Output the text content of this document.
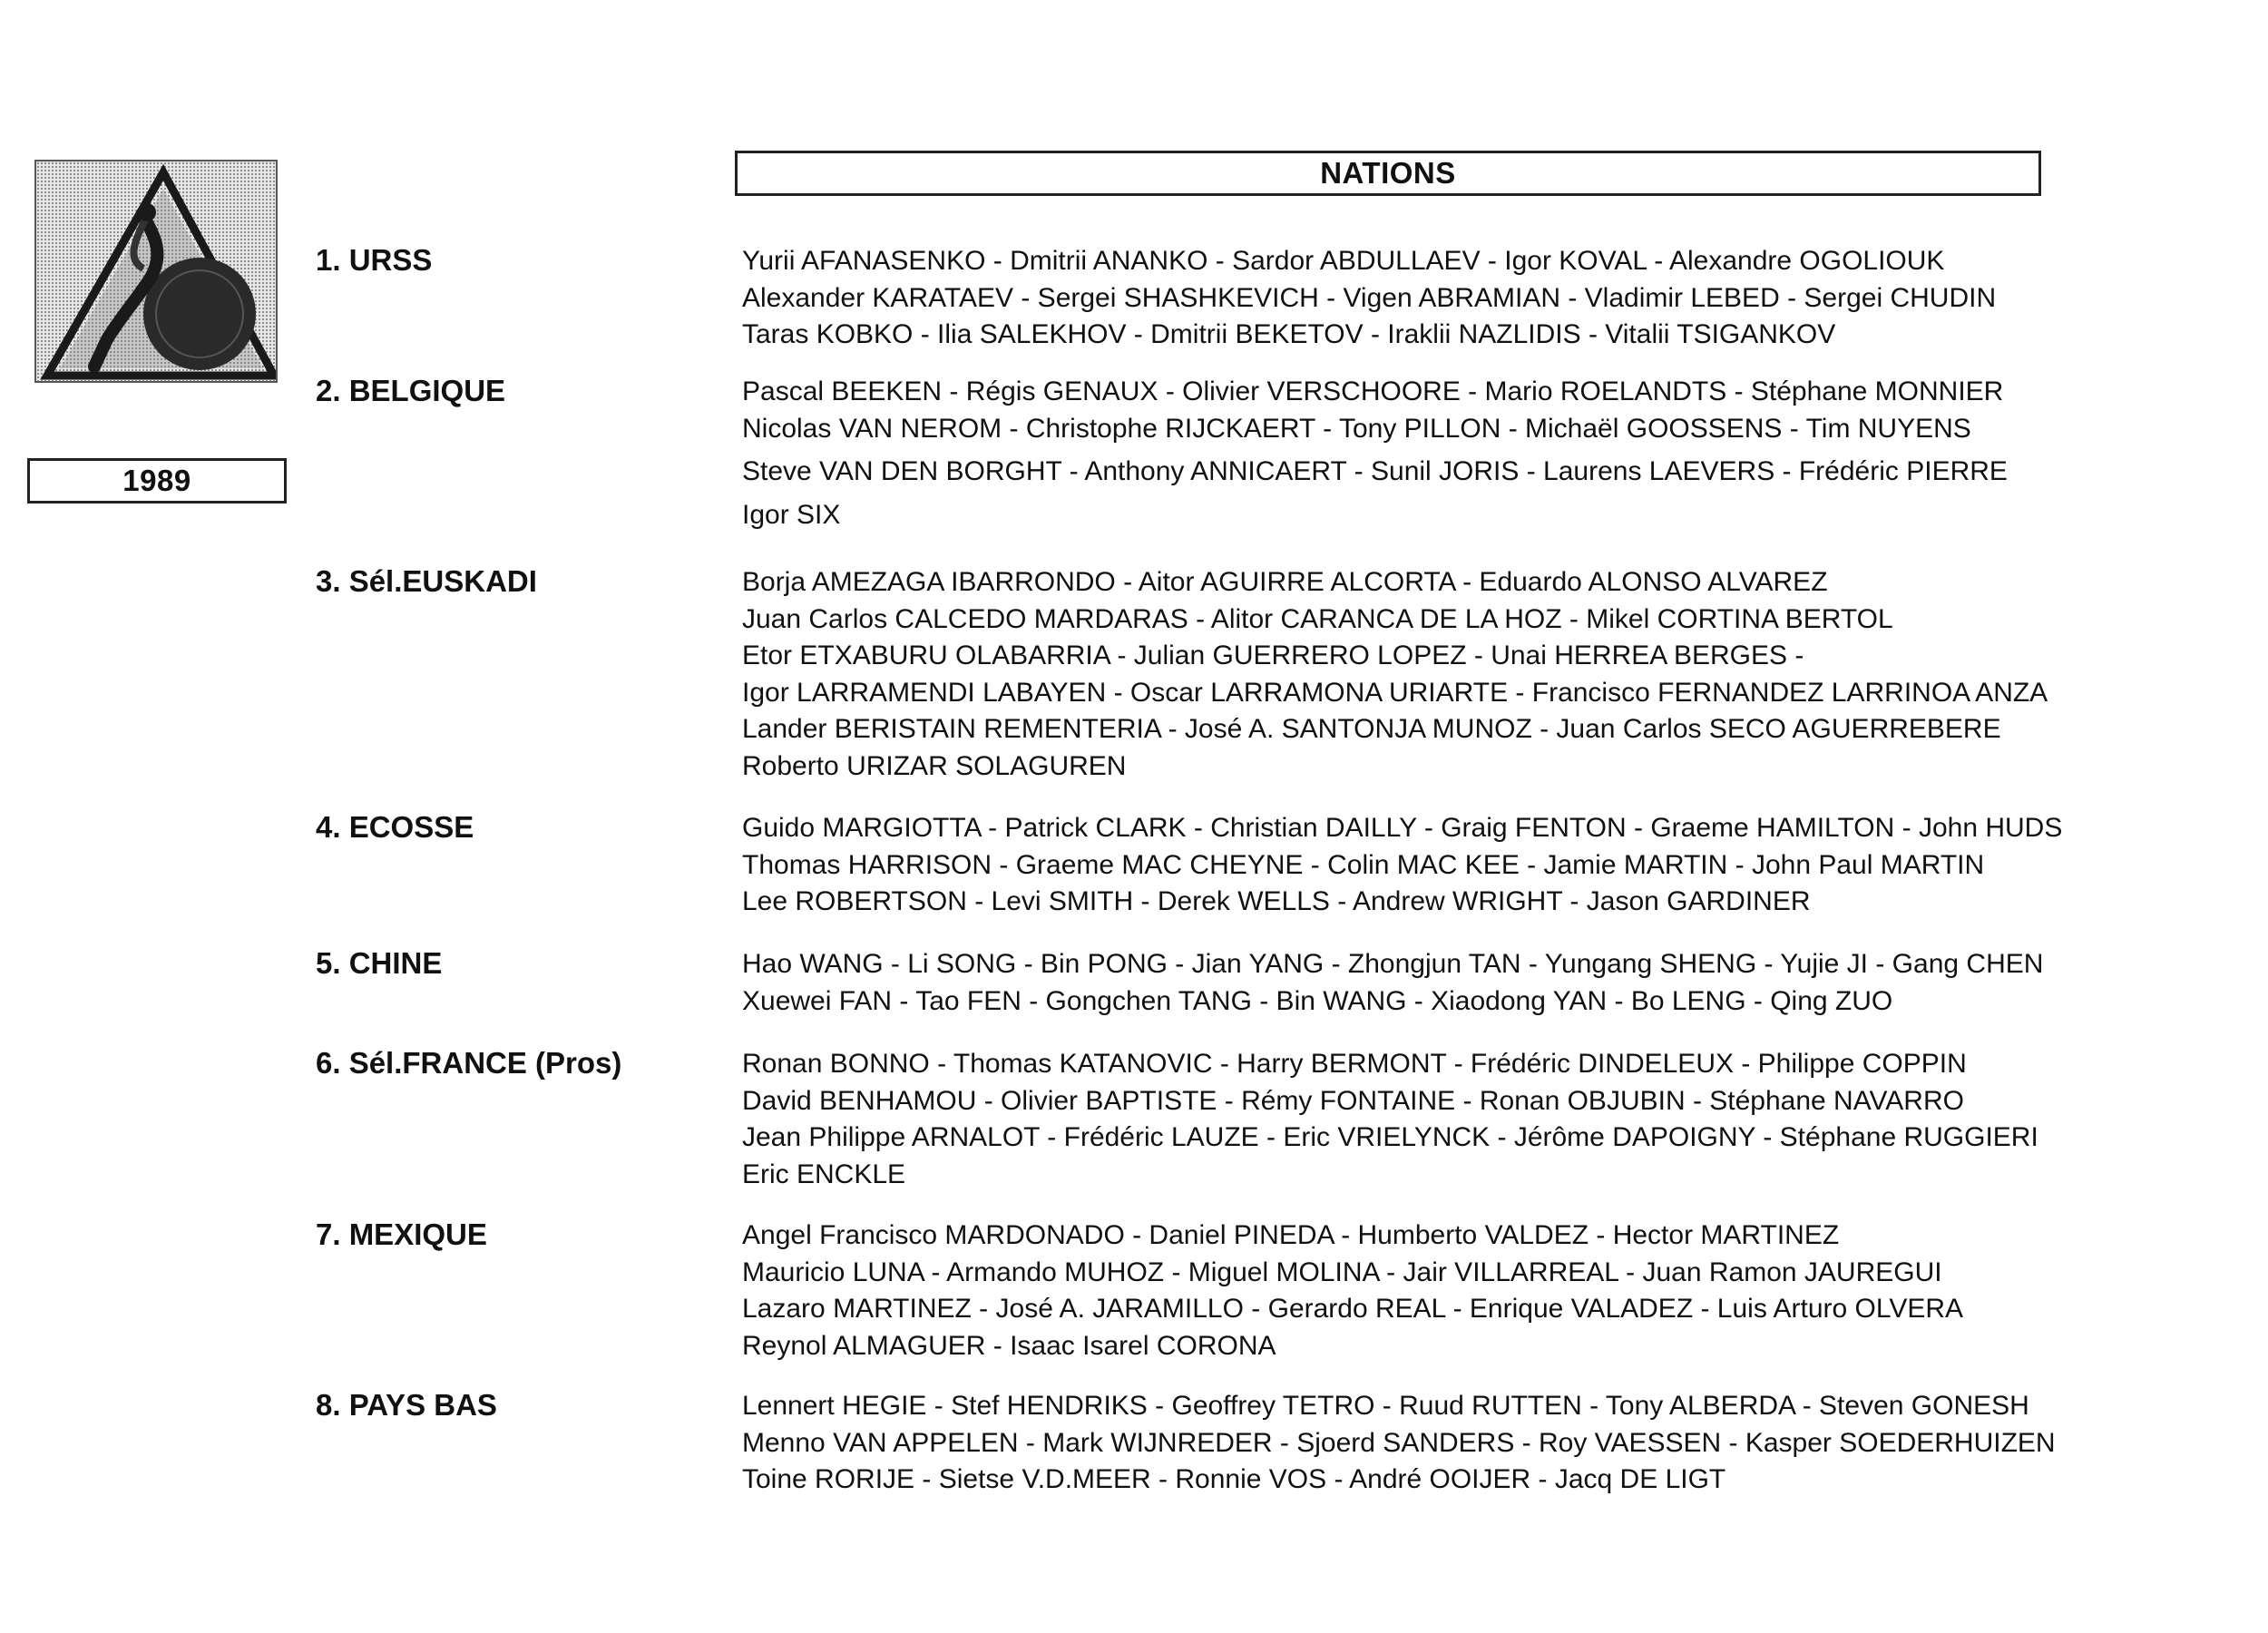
1989
NATIONS
1. URSS	Yurii AFANASENKO - Dmitrii ANANKO - Sardor ABDULLAEV - Igor KOVAL - Alexandre OGOLIOUK
Alexander KARATAEV - Sergei SHASHKEVICH - Vigen ABRAMIAN - Vladimir LEBED - Sergei CHUDIN
Taras KOBKO - Ilia SALEKHOV - Dmitrii BEKETOV - Iraklii NAZLIDIS - Vitalii TSIGANKOV
2. BELGIQUE	Pascal BEEKEN - Régis GENAUX - Olivier VERSCHOORE - Mario ROELANDTS - Stéphane MONNIER
Nicolas VAN NEROM - Christophe RIJCKAERT - Tony PILLON - Michaël GOOSSENS - Tim NUYENS
Steve VAN DEN BORGHT - Anthony ANNICAERT - Sunil JORIS - Laurens LAEVERS - Frédéric PIERRE
Igor SIX
3. Sél.EUSKADI	Borja AMEZAGA IBARRONDO - Aitor AGUIRRE ALCORTA - Eduardo ALONSO ALVAREZ
Juan Carlos CALCEDO MARDARAS - Alitor CARANCA DE LA HOZ - Mikel CORTINA BERTOL
Etor ETXABURU OLABARRIA - Julian GUERRERO LOPEZ - Unai HERREA BERGES -
Igor LARRAMENDI LABAYEN - Oscar LARRAMONA URIARTE - Francisco FERNANDEZ LARRINOA ANZA
Lander BERISTAIN REMENTERIA - José A. SANTONJA MUNOZ - Juan Carlos SECO AGUERREBERE
Roberto URIZAR SOLAGUREN
4. ECOSSE	Guido MARGIOTTA - Patrick CLARK - Christian DAILLY - Graig FENTON - Graeme HAMILTON - John HUDS
Thomas HARRISON - Graeme MAC CHEYNE - Colin MAC KEE - Jamie MARTIN - John Paul MARTIN
Lee ROBERTSON - Levi SMITH - Derek WELLS - Andrew WRIGHT - Jason GARDINER
5. CHINE	Hao WANG - Li SONG - Bin PONG - Jian YANG - Zhongjun TAN - Yungang SHENG - Yujie JI - Gang CHEN
Xuewei FAN - Tao FEN - Gongchen TANG - Bin WANG - Xiaodong YAN - Bo LENG - Qing ZUO
6. Sél.FRANCE (Pros)	Ronan BONNO - Thomas KATANOVIC - Harry BERMONT - Frédéric DINDELEUX - Philippe COPPIN
David BENHAMOU - Olivier BAPTISTE - Rémy FONTAINE - Ronan OBJUBIN - Stéphane NAVARRO
Jean Philippe ARNALOT - Frédéric LAUZE - Eric VRIELYNCK - Jérôme DAPOIGNY - Stéphane RUGGIERI
Eric ENCKLE
7. MEXIQUE	Angel Francisco MARDONADO - Daniel PINEDA - Humberto VALDEZ - Hector MARTINEZ
Mauricio LUNA - Armando MUHOZ - Miguel MOLINA - Jair VILLARREAL - Juan Ramon JAUREGUI
Lazaro MARTINEZ - José A. JARAMILLO - Gerardo REAL - Enrique VALADEZ - Luis Arturo OLVERA
Reynol ALMAGUER - Isaac Isarel CORONA
8. PAYS BAS	Lennert HEGIE - Stef HENDRIKS - Geoffrey TETRO - Ruud RUTTEN - Tony ALBERDA - Steven GONESH
Menno VAN APPELEN - Mark WIJNREDER - Sjoerd SANDERS - Roy VAESSEN - Kasper SOEDERHUIZEN
Toine RORIJE - Sietse V.D.MEER - Ronnie VOS - André OOIJER - Jacq DE LIGT
